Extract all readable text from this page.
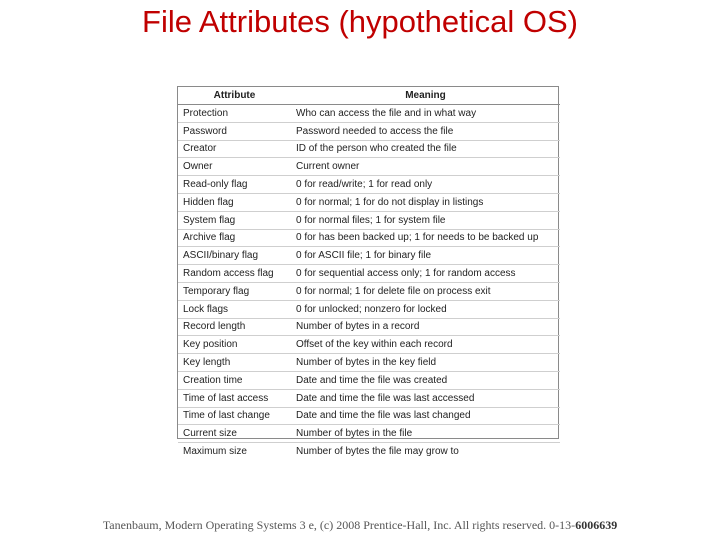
File Attributes (hypothetical OS)
Attribute	Meaning
Protection	Who can access the file and in what way
Password	Password needed to access the file
Creator	ID of the person who created the file
Owner	Current owner
Read-only flag	0 for read/write; 1 for read only
Hidden flag	0 for normal; 1 for do not display in listings
System flag	0 for normal files; 1 for system file
Archive flag	0 for has been backed up; 1 for needs to be backed up
ASCII/binary flag	0 for ASCII file; 1 for binary file
Random access flag	0 for sequential access only; 1 for random access
Temporary flag	0 for normal; 1 for delete file on process exit
Lock flags	0 for unlocked; nonzero for locked
Record length	Number of bytes in a record
Key position	Offset of the key within each record
Key length	Number of bytes in the key field
Creation time	Date and time the file was created
Time of last access	Date and time the file was last accessed
Time of last change	Date and time the file was last changed
Current size	Number of bytes in the file
Maximum size	Number of bytes the file may grow to
Tanenbaum, Modern Operating Systems 3 e, (c) 2008 Prentice-Hall, Inc. All rights reserved. 0-13-6006639
